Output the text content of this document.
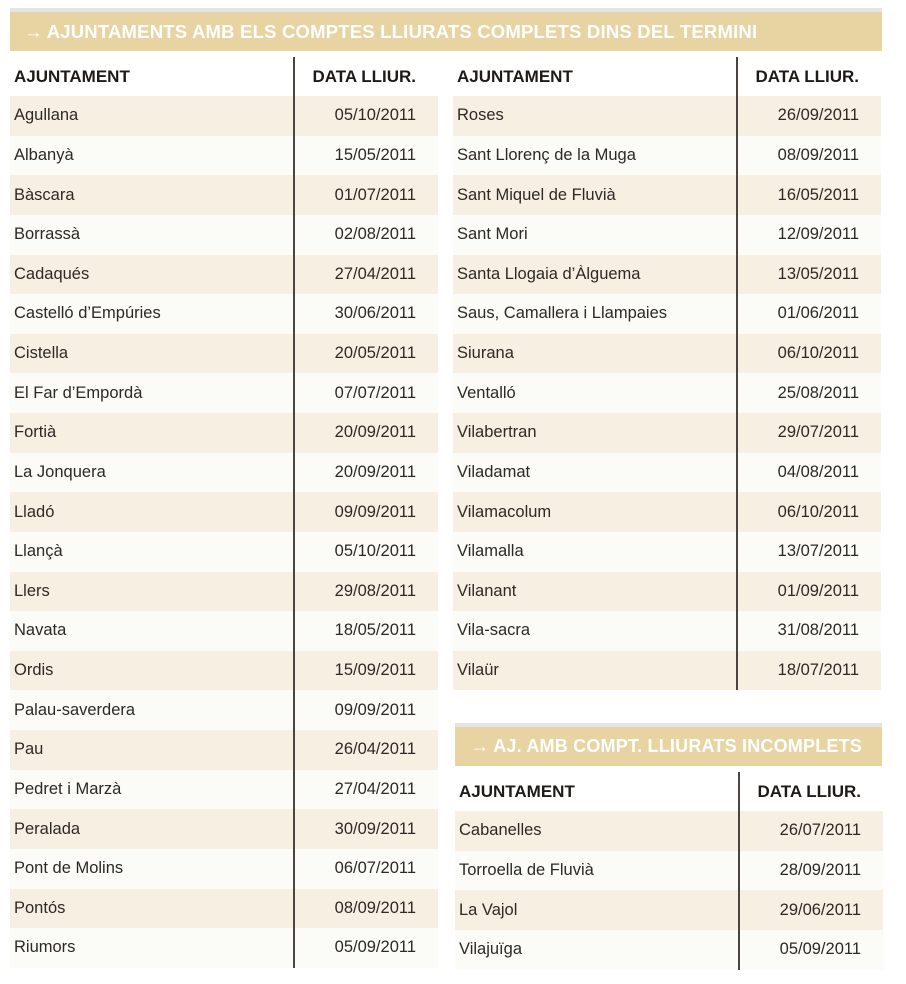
→ AJUNTAMENTS AMB ELS COMPTES LLIURATS COMPLETS DINS DEL TERMINI
AJUNTAMENT	DATA LLIUR.
Agullana	05/10/2011
Albanyà	15/05/2011
Bàscara	01/07/2011
Borrassà	02/08/2011
Cadaqués	27/04/2011
Castelló d’Empúries	30/06/2011
Cistella	20/05/2011
El Far d’Empordà	07/07/2011
Fortià	20/09/2011
La Jonquera	20/09/2011
Lladó	09/09/2011
Llançà	05/10/2011
Llers	29/08/2011
Navata	18/05/2011
Ordis	15/09/2011
Palau-saverdera	09/09/2011
Pau	26/04/2011
Pedret i Marzà	27/04/2011
Peralada	30/09/2011
Pont de Molins	06/07/2011
Pontós	08/09/2011
Riumors	05/09/2011
AJUNTAMENT	DATA LLIUR.
Roses	26/09/2011
Sant Llorenç de la Muga	08/09/2011
Sant Miquel de Fluvià	16/05/2011
Sant Mori	12/09/2011
Santa Llogaia d’Àlguema	13/05/2011
Saus, Camallera i Llampaies	01/06/2011
Siurana	06/10/2011
Ventalló	25/08/2011
Vilabertran	29/07/2011
Viladamat	04/08/2011
Vilamacolum	06/10/2011
Vilamalla	13/07/2011
Vilanant	01/09/2011
Vila-sacra	31/08/2011
Vilaür	18/07/2011
→ AJ. AMB COMPT. LLIURATS INCOMPLETS
AJUNTAMENT	DATA LLIUR.
Cabanelles	26/07/2011
Torroella de Fluvià	28/09/2011
La Vajol	29/06/2011
Vilajuïga	05/09/2011
